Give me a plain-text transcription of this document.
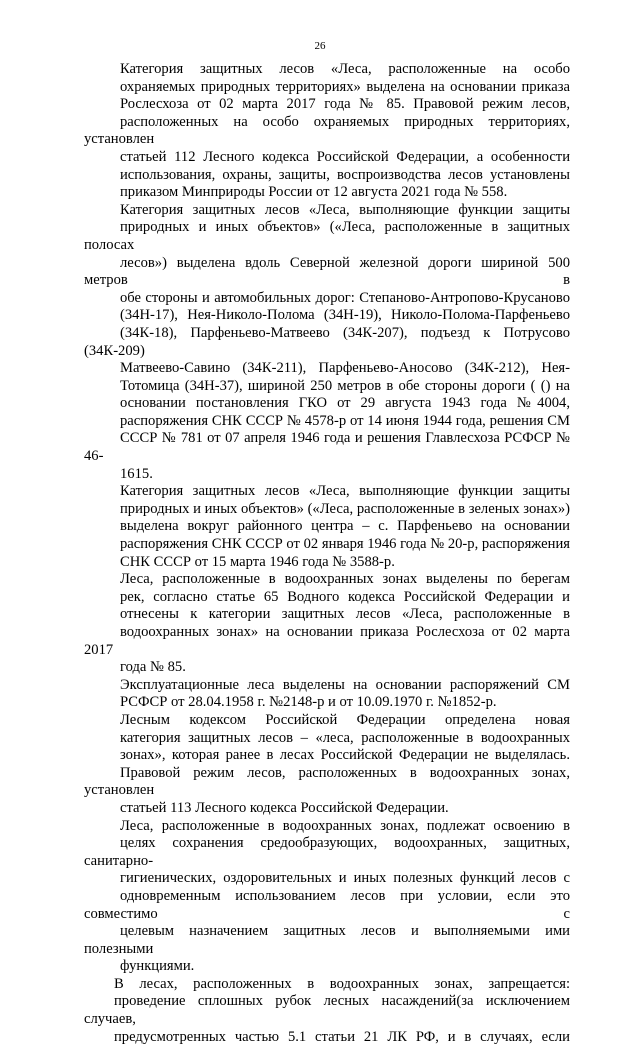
26
Категория защитных лесов «Леса, расположенные на особо
охраняемых природных территориях» выделена на основании приказа
Рослесхоза от 02 марта 2017 года № 85. Правовой режим лесов,
расположенных на особо охраняемых природных территориях, установлен
статьей 112 Лесного кодекса Российской Федерации, а особенности
использования, охраны, защиты, воспроизводства лесов установлены
приказом Минприроды России от 12 августа 2021 года № 558.
Категория защитных лесов «Леса, выполняющие функции защиты
природных и иных объектов» («Леса, расположенные в защитных полосах
лесов») выделена вдоль Северной железной дороги шириной 500 метров в
обе стороны и автомобильных дорог: Степаново-Антропово-Крусаново
(34Н-17), Нея-Николо-Полома (34Н-19), Николо-Полома-Парфеньево
(34К-18), Парфеньево-Матвеево (34К-207), подъезд к Потрусово (34К-209)
Матвеево-Савино (34К-211), Парфеньево-Аносово (34К-212), Нея-
Тотомица (34Н-37), шириной 250 метров в обе стороны дороги ( () на
основании постановления ГКО от 29 августа 1943 года №4004,
распоряжения СНК СССР № 4578-р от 14 июня 1944 года, решения СМ
СССР № 781 от 07 апреля 1946 года и решения Главлесхоза РСФСР № 46-
1615.
Категория защитных лесов «Леса, выполняющие функции защиты
природных и иных объектов» («Леса, расположенные в зеленых зонах»)
выделена вокруг районного центра – с. Парфеньево на основании
распоряжения СНК СССР от 02 января 1946 года № 20-р, распоряжения
СНК СССР от 15 марта 1946 года № 3588-р.
Леса, расположенные в водоохранных зонах выделены по берегам
рек, согласно статье 65 Водного кодекса Российской Федерации и
отнесены к категории защитных лесов «Леса, расположенные в
водоохранных зонах» на основании приказа Рослесхоза от 02 марта 2017
года № 85.
Эксплуатационные леса выделены на основании распоряжений СМ
РСФСР от 28.04.1958 г. №2148-р и от 10.09.1970 г. №1852-р.
Лесным кодексом Российской Федерации определена новая
категория защитных лесов – «леса, расположенные в водоохранных
зонах», которая ранее в лесах Российской Федерации не выделялась.
Правовой режим лесов, расположенных в водоохранных зонах, установлен
статьей 113 Лесного кодекса Российской Федерации.
Леса, расположенные в водоохранных зонах, подлежат освоению в
целях сохранения средообразующих, водоохранных, защитных, санитарно-
гигиенических, оздоровительных и иных полезных функций лесов с
одновременным использованием лесов при условии, если это совместимо с
целевым назначением защитных лесов и выполняемыми ими полезными
функциями.
В лесах, расположенных в водоохранных зонах, запрещается:
проведение сплошных рубок лесных насаждений(за исключением случаев,
предусмотренных частью 5.1 статьи 21 ЛК РФ, и в случаях, если
